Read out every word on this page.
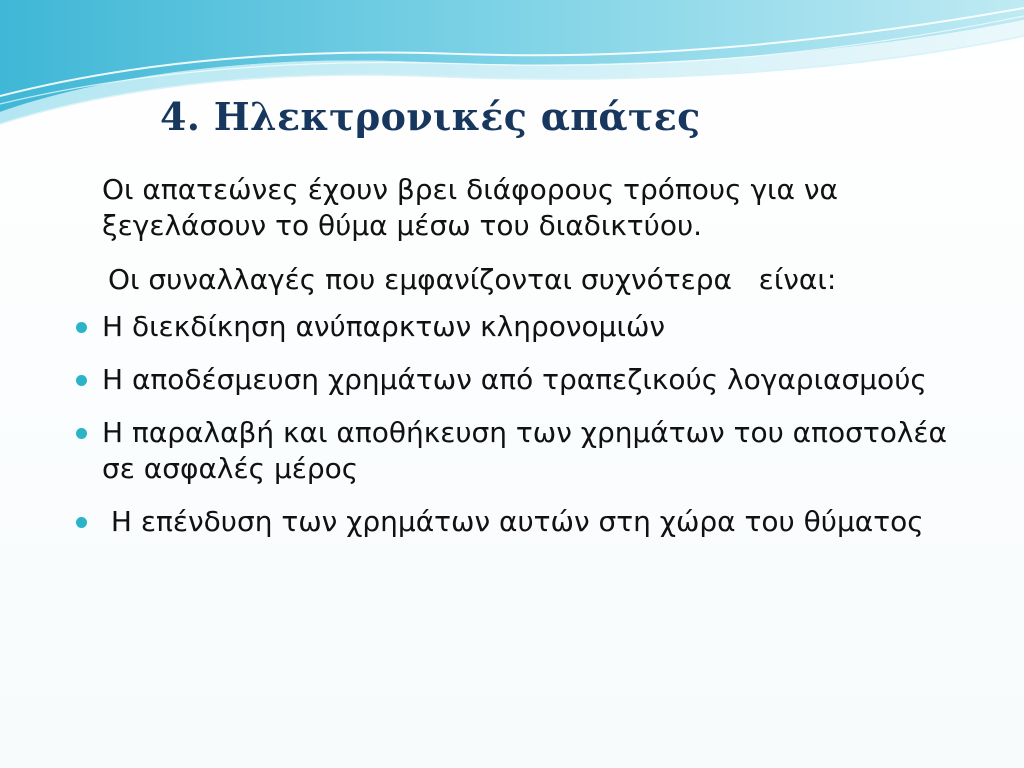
4. Ηλεκτρονικές απάτες
Οι απατεώνες έχουν βρει διάφορους τρόπους για να ξεγελάσουν το θύμα μέσω του διαδικτύου.
Οι συναλλαγές που εμφανίζονται συχνότερα   είναι:
Η διεκδίκηση ανύπαρκτων κληρονομιών
Η αποδέσμευση χρημάτων από τραπεζικούς λογαριασμούς
Η παραλαβή και αποθήκευση των χρημάτων του αποστολέα σε ασφαλές μέρος
Η επένδυση των χρημάτων αυτών στη χώρα του θύματος
